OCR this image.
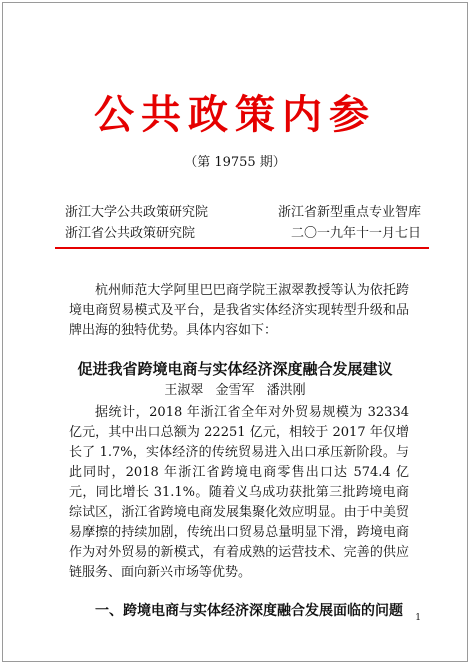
公共政策内参
（第 19755 期）
浙江大学公共政策研究院	浙江省新型重点专业智库
浙江省公共政策研究院	二〇一九年十一月七日
杭州师范大学阿里巴巴商学院王淑翠教授等认为依托跨境电商贸易模式及平台，是我省实体经济实现转型升级和品牌出海的独特优势。具体内容如下：
促进我省跨境电商与实体经济深度融合发展建议
王淑翠 金雪军 潘洪刚
据统计，2018 年浙江省全年对外贸易规模为 32334 亿元，其中出口总额为 22251 亿元，相较于 2017 年仅增长了 1.7%，实体经济的传统贸易进入出口承压新阶段。与此同时，2018 年浙江省跨境电商零售出口达 574.4 亿元，同比增长 31.1%。随着义乌成功获批第三批跨境电商综试区，浙江省跨境电商发展集聚化效应明显。由于中美贸易摩擦的持续加剧，传统出口贸易总量明显下滑，跨境电商作为对外贸易的新模式，有着成熟的运营技术、完善的供应链服务、面向新兴市场等优势。
一、跨境电商与实体经济深度融合发展面临的问题 1
